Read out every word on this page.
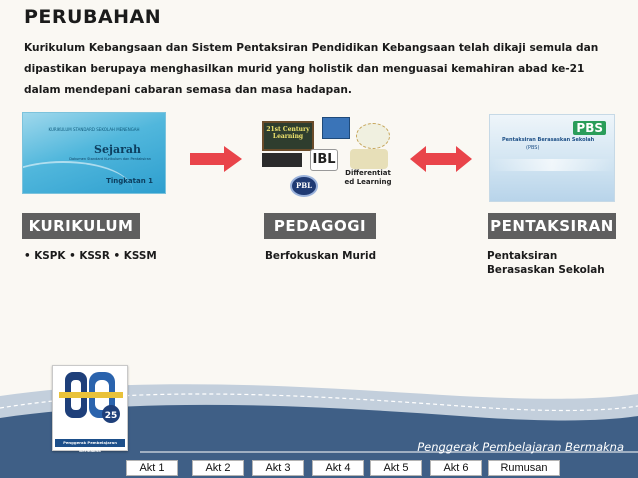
PERUBAHAN
Kurikulum Kebangsaan dan Sistem Pentaksiran Pendidikan Kebangsaan telah dikaji semula dan dipastikan berupaya menghasilkan murid yang holistik dan menguasai kemahiran abad ke-21 dalam mendepani cabaran semasa dan masa hadapan.
KURIKULUM STANDARD SEKOLAH MENENGAH
Sejarah
Dokumen Standard Kurikulum dan Pentaksiran
Tingkatan 1
21st Century Learning
IBL
PBL
Differentiat ed Learning
PBS
Pentaksiran Berasaskan Sekolah
(PBS)
KURIKULUM	PEDAGOGI	PENTAKSIRAN
• KSPK • KSSR • KSSM	Berfokuskan Murid	Pentaksiran Berasaskan Sekolah
Penggerak Pembelajaran Bermakna
25
Penggerak Pembelajaran Bermakna
Akt 1	Akt 2	Akt 3	Akt 4	Akt 5	Akt 6	Rumusan
